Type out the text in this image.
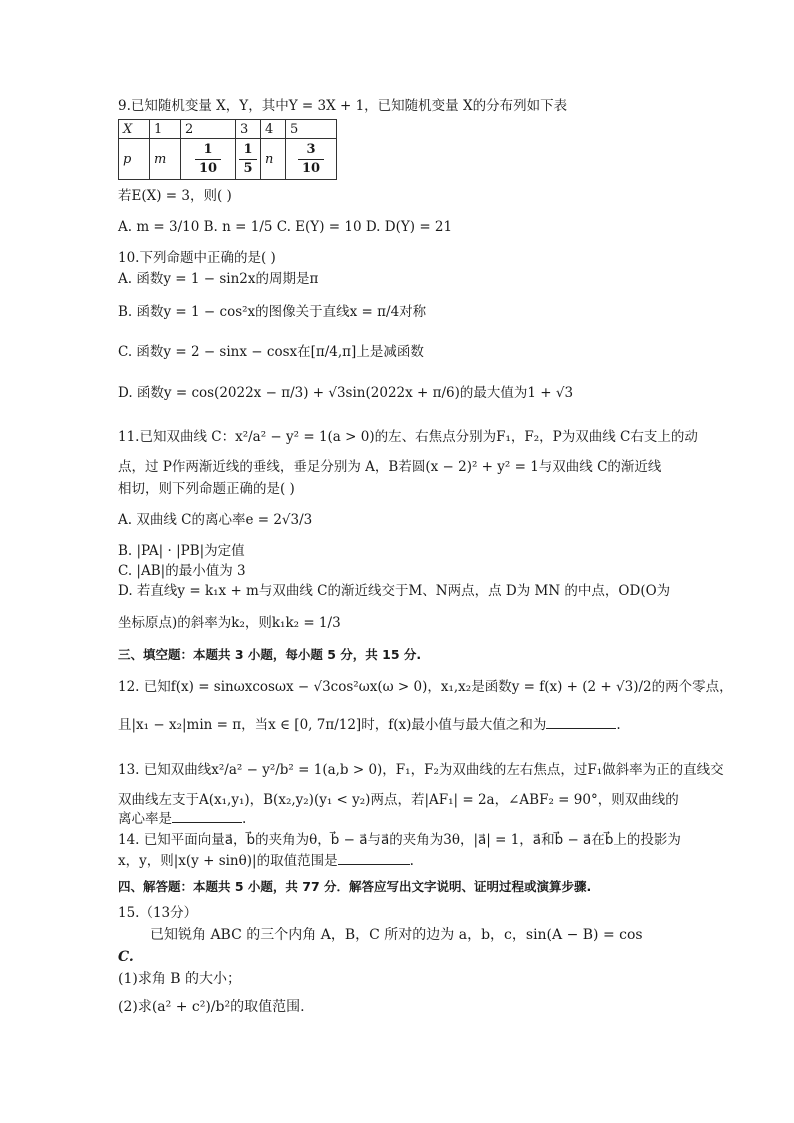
9.已知随机变量 X，Y，其中Y = 3X + 1，已知随机变量 X的分布列如下表
X	1	2	3	4	5
p	m	$\frac{1}{10}$	$\frac{1}{5}$	n	$\frac{3}{10}$
若E(X) = 3，则( )
A. m = 3/10 B. n = 1/5 C. E(Y) = 10 D. D(Y) = 21
10.下列命题中正确的是( )
A. 函数y = 1 − sin2x的周期是π
B. 函数y = 1 − cos²x的图像关于直线x = π/4对称
C. 函数y = 2 − sinx − cosx在[π/4,π]上是减函数
D. 函数y = cos(2022x − π/3) + √3sin(2022x + π/6)的最大值为1 + √3
11.已知双曲线 C：x²/a² − y² = 1(a > 0)的左、右焦点分别为F₁，F₂，P为双曲线 C右支上的动
点，过 P作两渐近线的垂线，垂足分别为 A，B若圆(x − 2)² + y² = 1与双曲线 C的渐近线
相切，则下列命题正确的是( )
A. 双曲线 C的离心率e = 2√3/3
B. |PA| · |PB|为定值
C. |AB|的最小值为 3
D. 若直线y = k₁x + m与双曲线 C的渐近线交于M、N两点，点 D为 MN 的中点，OD(O为
坐标原点)的斜率为k₂，则k₁k₂ = 1/3
三、填空题：本题共 3 小题，每小题 5 分，共 15 分.
12. 已知f(x) = sinωxcosωx − √3cos²ωx(ω > 0)，x₁,x₂是函数y = f(x) + (2 + √3)/2的两个零点，
且|x₁ − x₂|min = π，当x ∈ [0, 7π/12]时，f(x)最小值与最大值之和为	.
13. 已知双曲线x²/a² − y²/b² = 1(a,b > 0)，F₁，F₂为双曲线的左右焦点，过F₁做斜率为正的直线交
双曲线左支于A(x₁,y₁)，B(x₂,y₂)(y₁ < y₂)两点，若|AF₁| = 2a，∠ABF₂ = 90°，则双曲线的
离心率是	.
14. 已知平面向量a⃗，b⃗的夹角为θ，b⃗ − a⃗与a⃗的夹角为3θ，|a⃗| = 1，a⃗和b⃗ − a⃗在b⃗上的投影为
x，y，则|x(y + sinθ)|的取值范围是	.
四、解答题：本题共 5 小题，共 77 分．解答应写出文字说明、证明过程或演算步骤.
15.（13分）
已知锐角 ABC 的三个内角 A，B，C 所对的边为 a，b，c，sin(A − B) = cos
C.
(1)求角 B 的大小；
(2)求(a² + c²)/b²的取值范围.
